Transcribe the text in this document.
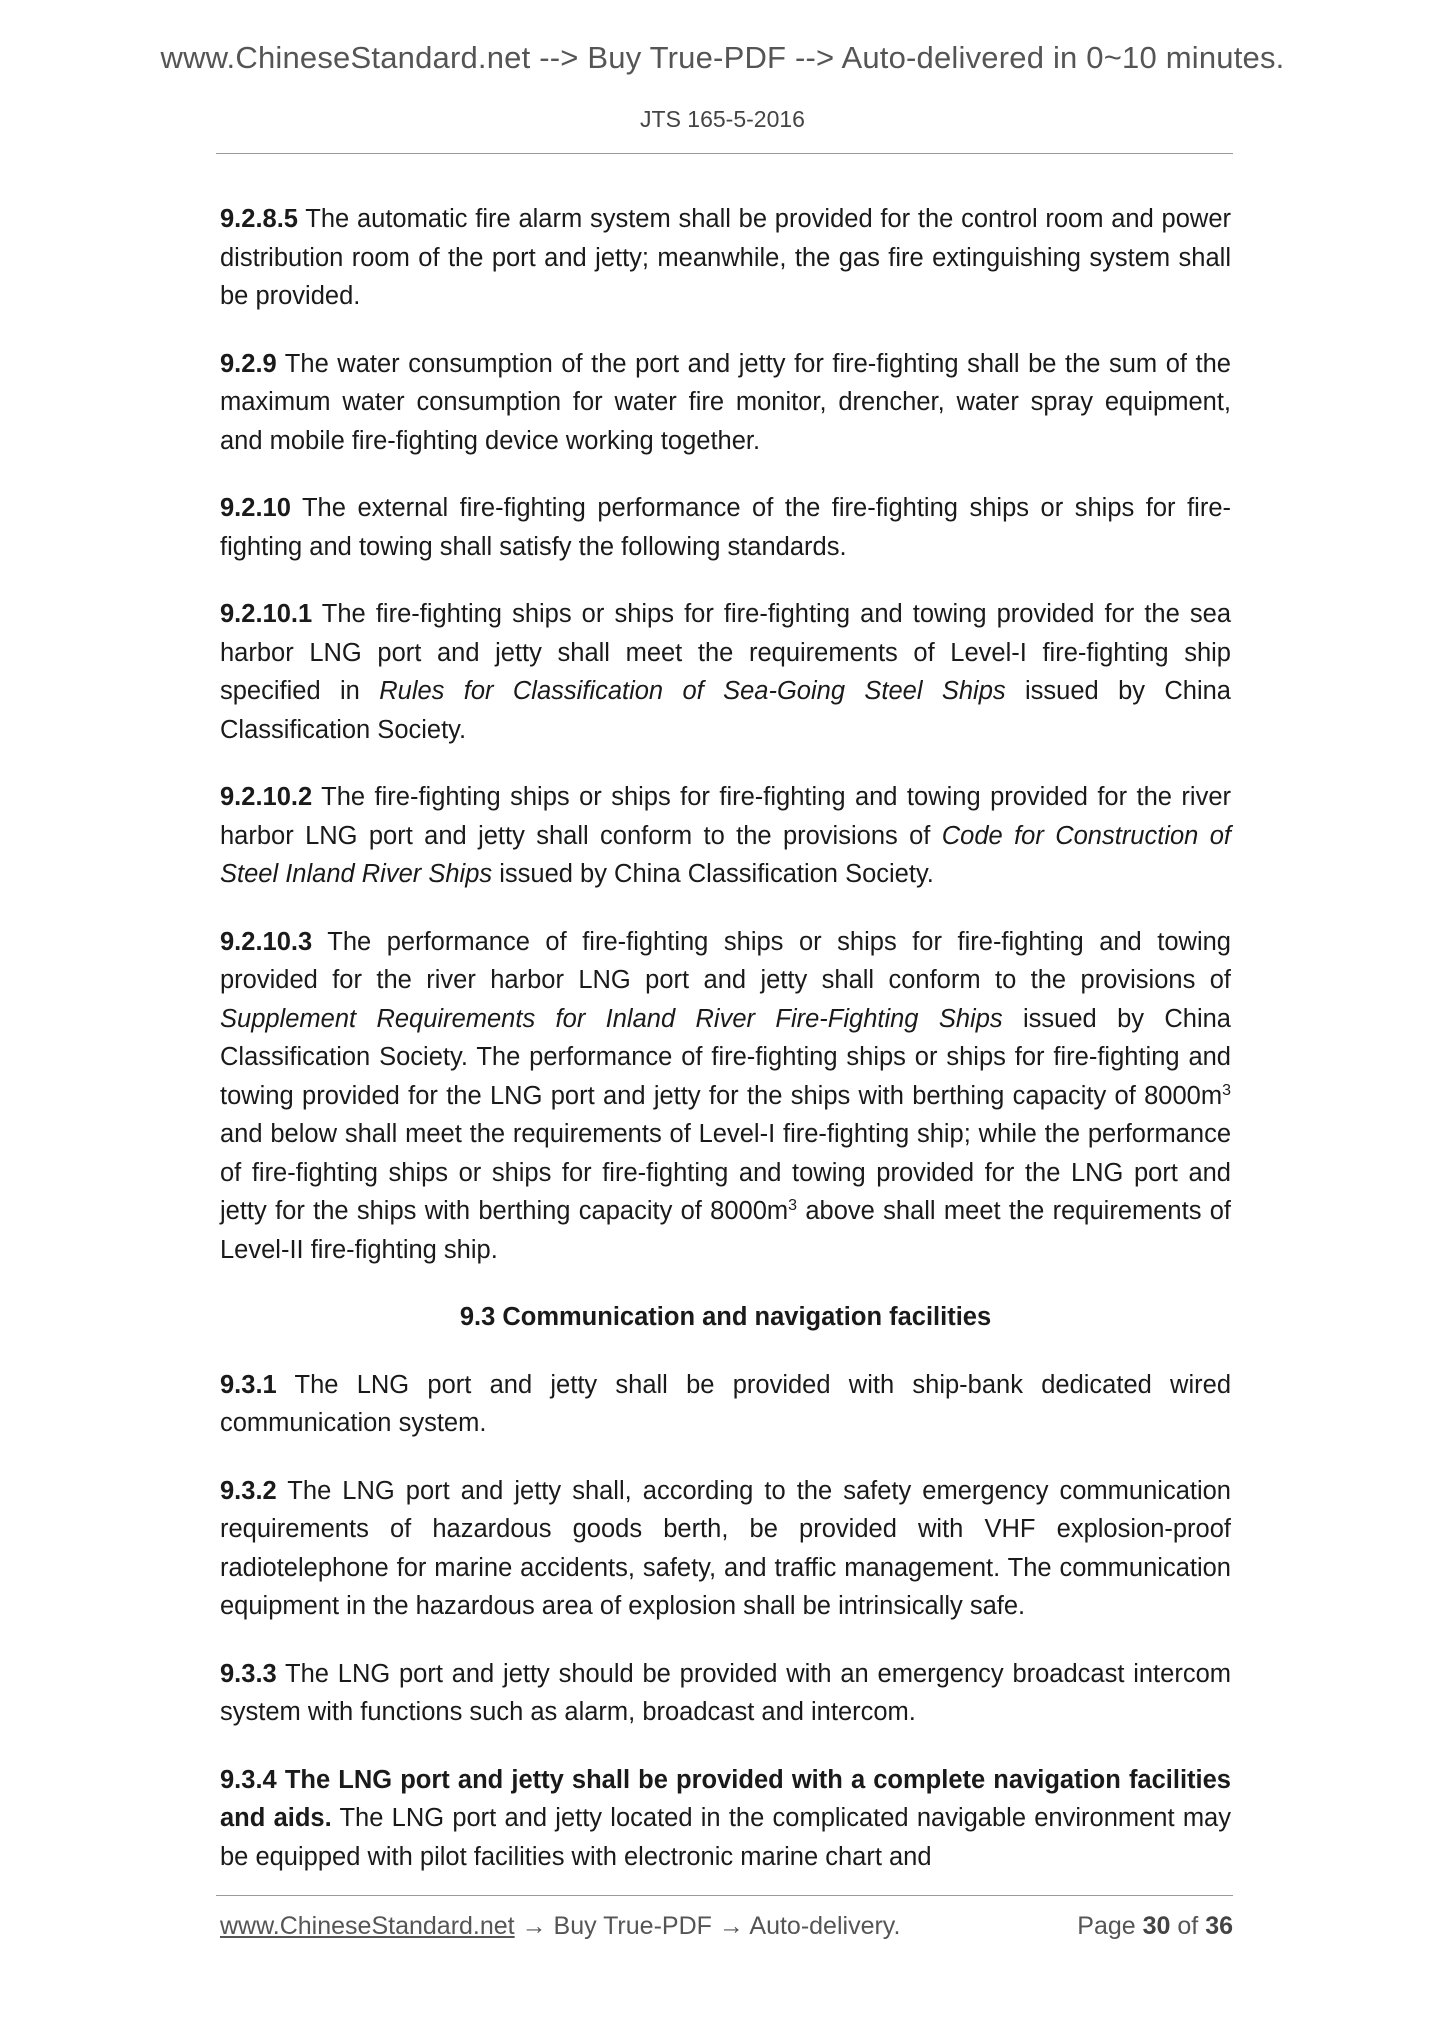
www.ChineseStandard.net --> Buy True-PDF --> Auto-delivered in 0~10 minutes.
JTS 165-5-2016

9.2.8.5 The automatic fire alarm system shall be provided for the control room and power distribution room of the port and jetty; meanwhile, the gas fire extinguishing system shall be provided.

9.2.9 The water consumption of the port and jetty for fire-fighting shall be the sum of the maximum water consumption for water fire monitor, drencher, water spray equipment, and mobile fire-fighting device working together.

9.2.10 The external fire-fighting performance of the fire-fighting ships or ships for fire-fighting and towing shall satisfy the following standards.

9.2.10.1 The fire-fighting ships or ships for fire-fighting and towing provided for the sea harbor LNG port and jetty shall meet the requirements of Level-I fire-fighting ship specified in Rules for Classification of Sea-Going Steel Ships issued by China Classification Society.

9.2.10.2 The fire-fighting ships or ships for fire-fighting and towing provided for the river harbor LNG port and jetty shall conform to the provisions of Code for Construction of Steel Inland River Ships issued by China Classification Society.

9.2.10.3 The performance of fire-fighting ships or ships for fire-fighting and towing provided for the river harbor LNG port and jetty shall conform to the provisions of Supplement Requirements for Inland River Fire-Fighting Ships issued by China Classification Society. The performance of fire-fighting ships or ships for fire-fighting and towing provided for the LNG port and jetty for the ships with berthing capacity of $8000m^3$ and below shall meet the requirements of Level-I fire-fighting ship; while the performance of fire-fighting ships or ships for fire-fighting and towing provided for the LNG port and jetty for the ships with berthing capacity of $8000m^3$ above shall meet the requirements of Level-II fire-fighting ship.

9.3 Communication and navigation facilities

9.3.1 The LNG port and jetty shall be provided with ship-bank dedicated wired communication system.

9.3.2 The LNG port and jetty shall, according to the safety emergency communication requirements of hazardous goods berth, be provided with VHF explosion-proof radiotelephone for marine accidents, safety, and traffic management. The communication equipment in the hazardous area of explosion shall be intrinsically safe.

9.3.3 The LNG port and jetty should be provided with an emergency broadcast intercom system with functions such as alarm, broadcast and intercom.

9.3.4 The LNG port and jetty shall be provided with a complete navigation facilities and aids. The LNG port and jetty located in the complicated navigable environment may be equipped with pilot facilities with electronic marine chart and

www.ChineseStandard.net → Buy True-PDF → Auto-delivery.	Page 30 of 36
